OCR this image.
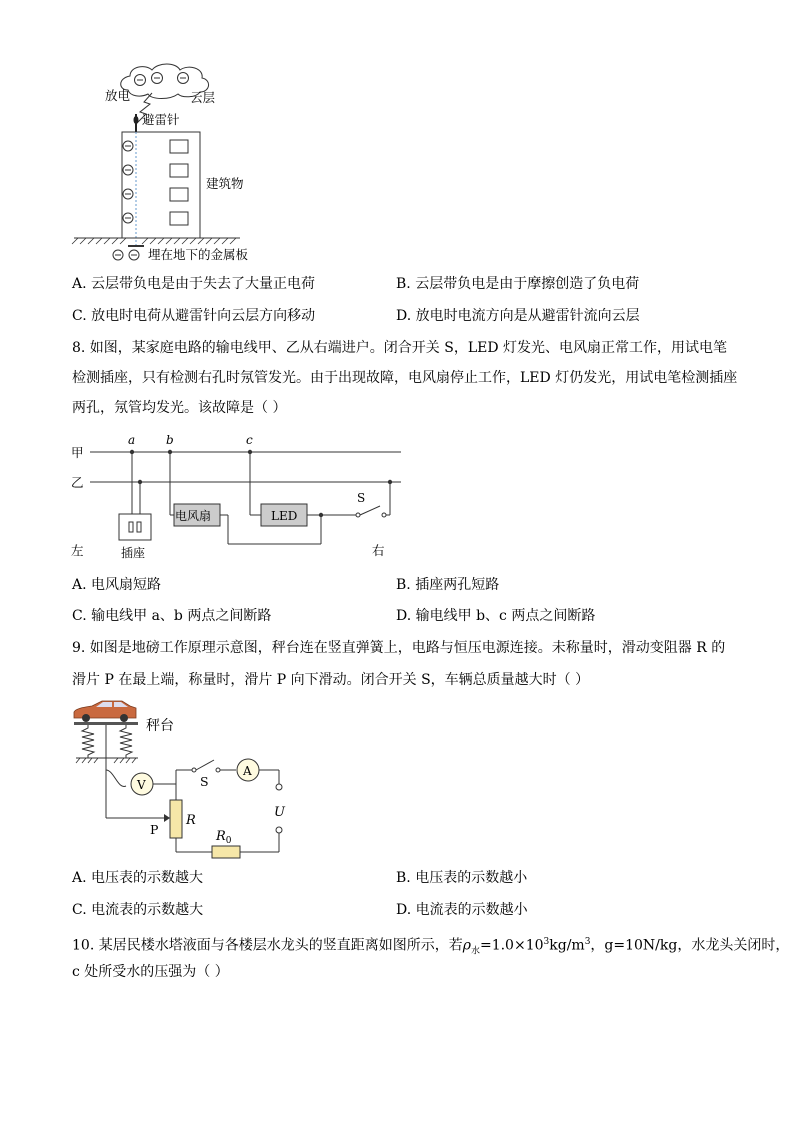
放电	云层
避雷针
建筑物
埋在地下的金属板
A. 云层带负电是由于失去了大量正电荷	B. 云层带负电是由于摩擦创造了负电荷
C. 放电时电荷从避雷针向云层方向移动	D. 放电时电流方向是从避雷针流向云层
8. 如图，某家庭电路的输电线甲、乙从右端进户。闭合开关 S，LED 灯发光、电风扇正常工作，用试电笔
检测插座，只有检测右孔时氖管发光。由于出现故障，电风扇停止工作，LED 灯仍发光，用试电笔检测插座
两孔，氖管均发光。该故障是（ ）
甲
乙
左	右
a	b	c
电风扇	LED
插座
S
A. 电风扇短路	B. 插座两孔短路
C. 输电线甲 a、b 两点之间断路	D. 输电线甲 b、c 两点之间断路
9. 如图是地磅工作原理示意图，秤台连在竖直弹簧上，电路与恒压电源连接。未称量时，滑动变阻器 R 的
滑片 P 在最上端，称量时，滑片 P 向下滑动。闭合开关 S，车辆总质量越大时（ ）
秤台
V
A
S
P
R
$R_0$
U
A. 电压表的示数越大	B. 电压表的示数越小
C. 电流表的示数越大	D. 电流表的示数越小
10. 某居民楼水塔液面与各楼层水龙头的竖直距离如图所示，若$\rho_水=1.0\times 10^3kg/m^3$，g=10N/kg，水龙头关闭时，
c 处所受水的压强为（ ）
